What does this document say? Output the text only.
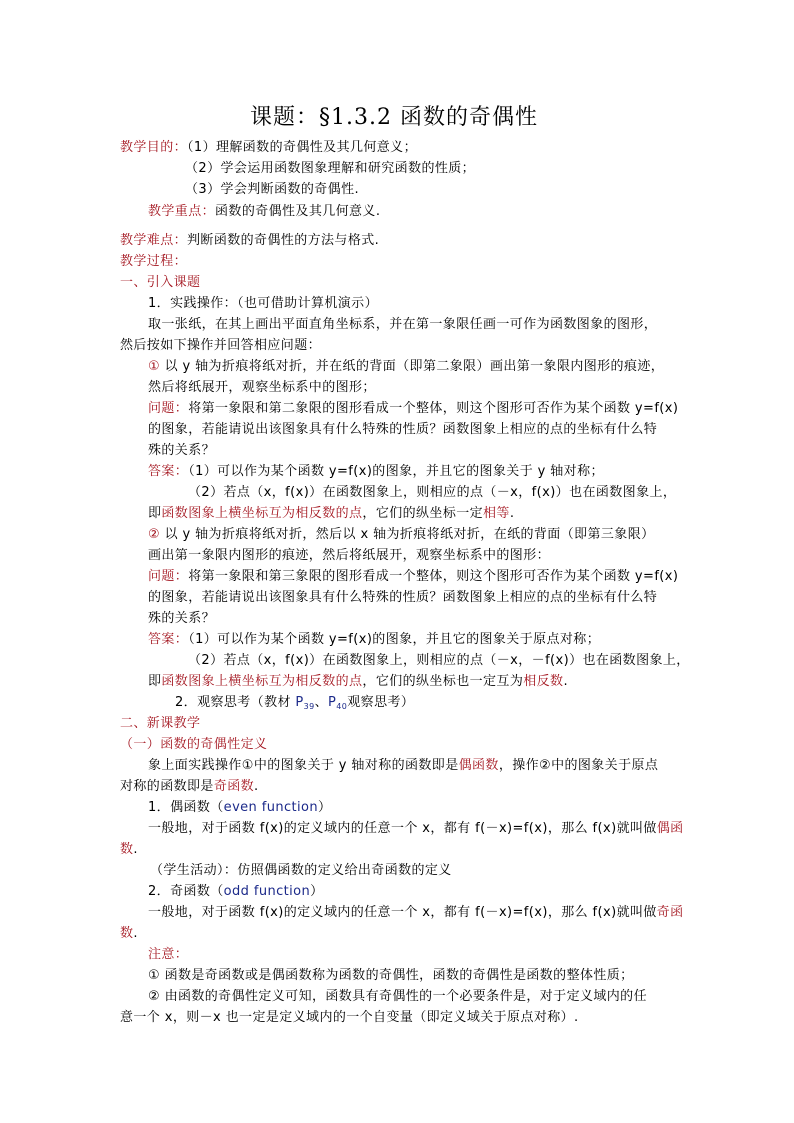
课题：§1.3.2 函数的奇偶性
教学目的：（1）理解函数的奇偶性及其几何意义；
（2）学会运用函数图象理解和研究函数的性质；
（3）学会判断函数的奇偶性.
教学重点：函数的奇偶性及其几何意义.
教学难点：判断函数的奇偶性的方法与格式.
教学过程：
一、引入课题
1．实践操作：（也可借助计算机演示）
取一张纸，在其上画出平面直角坐标系，并在第一象限任画一可作为函数图象的图形，
然后按如下操作并回答相应问题：
① 以 y 轴为折痕将纸对折，并在纸的背面（即第二象限）画出第一象限内图形的痕迹，
然后将纸展开，观察坐标系中的图形；
问题：将第一象限和第二象限的图形看成一个整体，则这个图形可否作为某个函数 y=f(x)
的图象，若能请说出该图象具有什么特殊的性质？函数图象上相应的点的坐标有什么特
殊的关系？
答案：（1）可以作为某个函数 y=f(x)的图象，并且它的图象关于 y 轴对称；
（2）若点（x，f(x)）在函数图象上，则相应的点（－x，f(x)）也在函数图象上，
即函数图象上横坐标互为相反数的点，它们的纵坐标一定相等.
② 以 y 轴为折痕将纸对折，然后以 x 轴为折痕将纸对折，在纸的背面（即第三象限）
画出第一象限内图形的痕迹，然后将纸展开，观察坐标系中的图形：
问题：将第一象限和第三象限的图形看成一个整体，则这个图形可否作为某个函数 y=f(x)
的图象，若能请说出该图象具有什么特殊的性质？函数图象上相应的点的坐标有什么特
殊的关系？
答案：（1）可以作为某个函数 y=f(x)的图象，并且它的图象关于原点对称；
（2）若点（x，f(x)）在函数图象上，则相应的点（－x，－f(x)）也在函数图象上，
即函数图象上横坐标互为相反数的点，它们的纵坐标也一定互为相反数.
2．观察思考（教材 $P_{39}$、$P_{40}$观察思考）
二、新课教学
（一）函数的奇偶性定义
象上面实践操作①中的图象关于 y 轴对称的函数即是偶函数，操作②中的图象关于原点
对称的函数即是奇函数.
1．偶函数（even function）
一般地，对于函数 f(x)的定义域内的任意一个 x，都有 f(－x)=f(x)，那么 f(x)就叫做偶函
数.
（学生活动）：仿照偶函数的定义给出奇函数的定义
2．奇函数（odd function）
一般地，对于函数 f(x)的定义域内的任意一个 x，都有 f(－x)=f(x)，那么 f(x)就叫做奇函
数.
注意：
① 函数是奇函数或是偶函数称为函数的奇偶性，函数的奇偶性是函数的整体性质；
② 由函数的奇偶性定义可知，函数具有奇偶性的一个必要条件是，对于定义域内的任
意一个 x，则－x 也一定是定义域内的一个自变量（即定义域关于原点对称）.
